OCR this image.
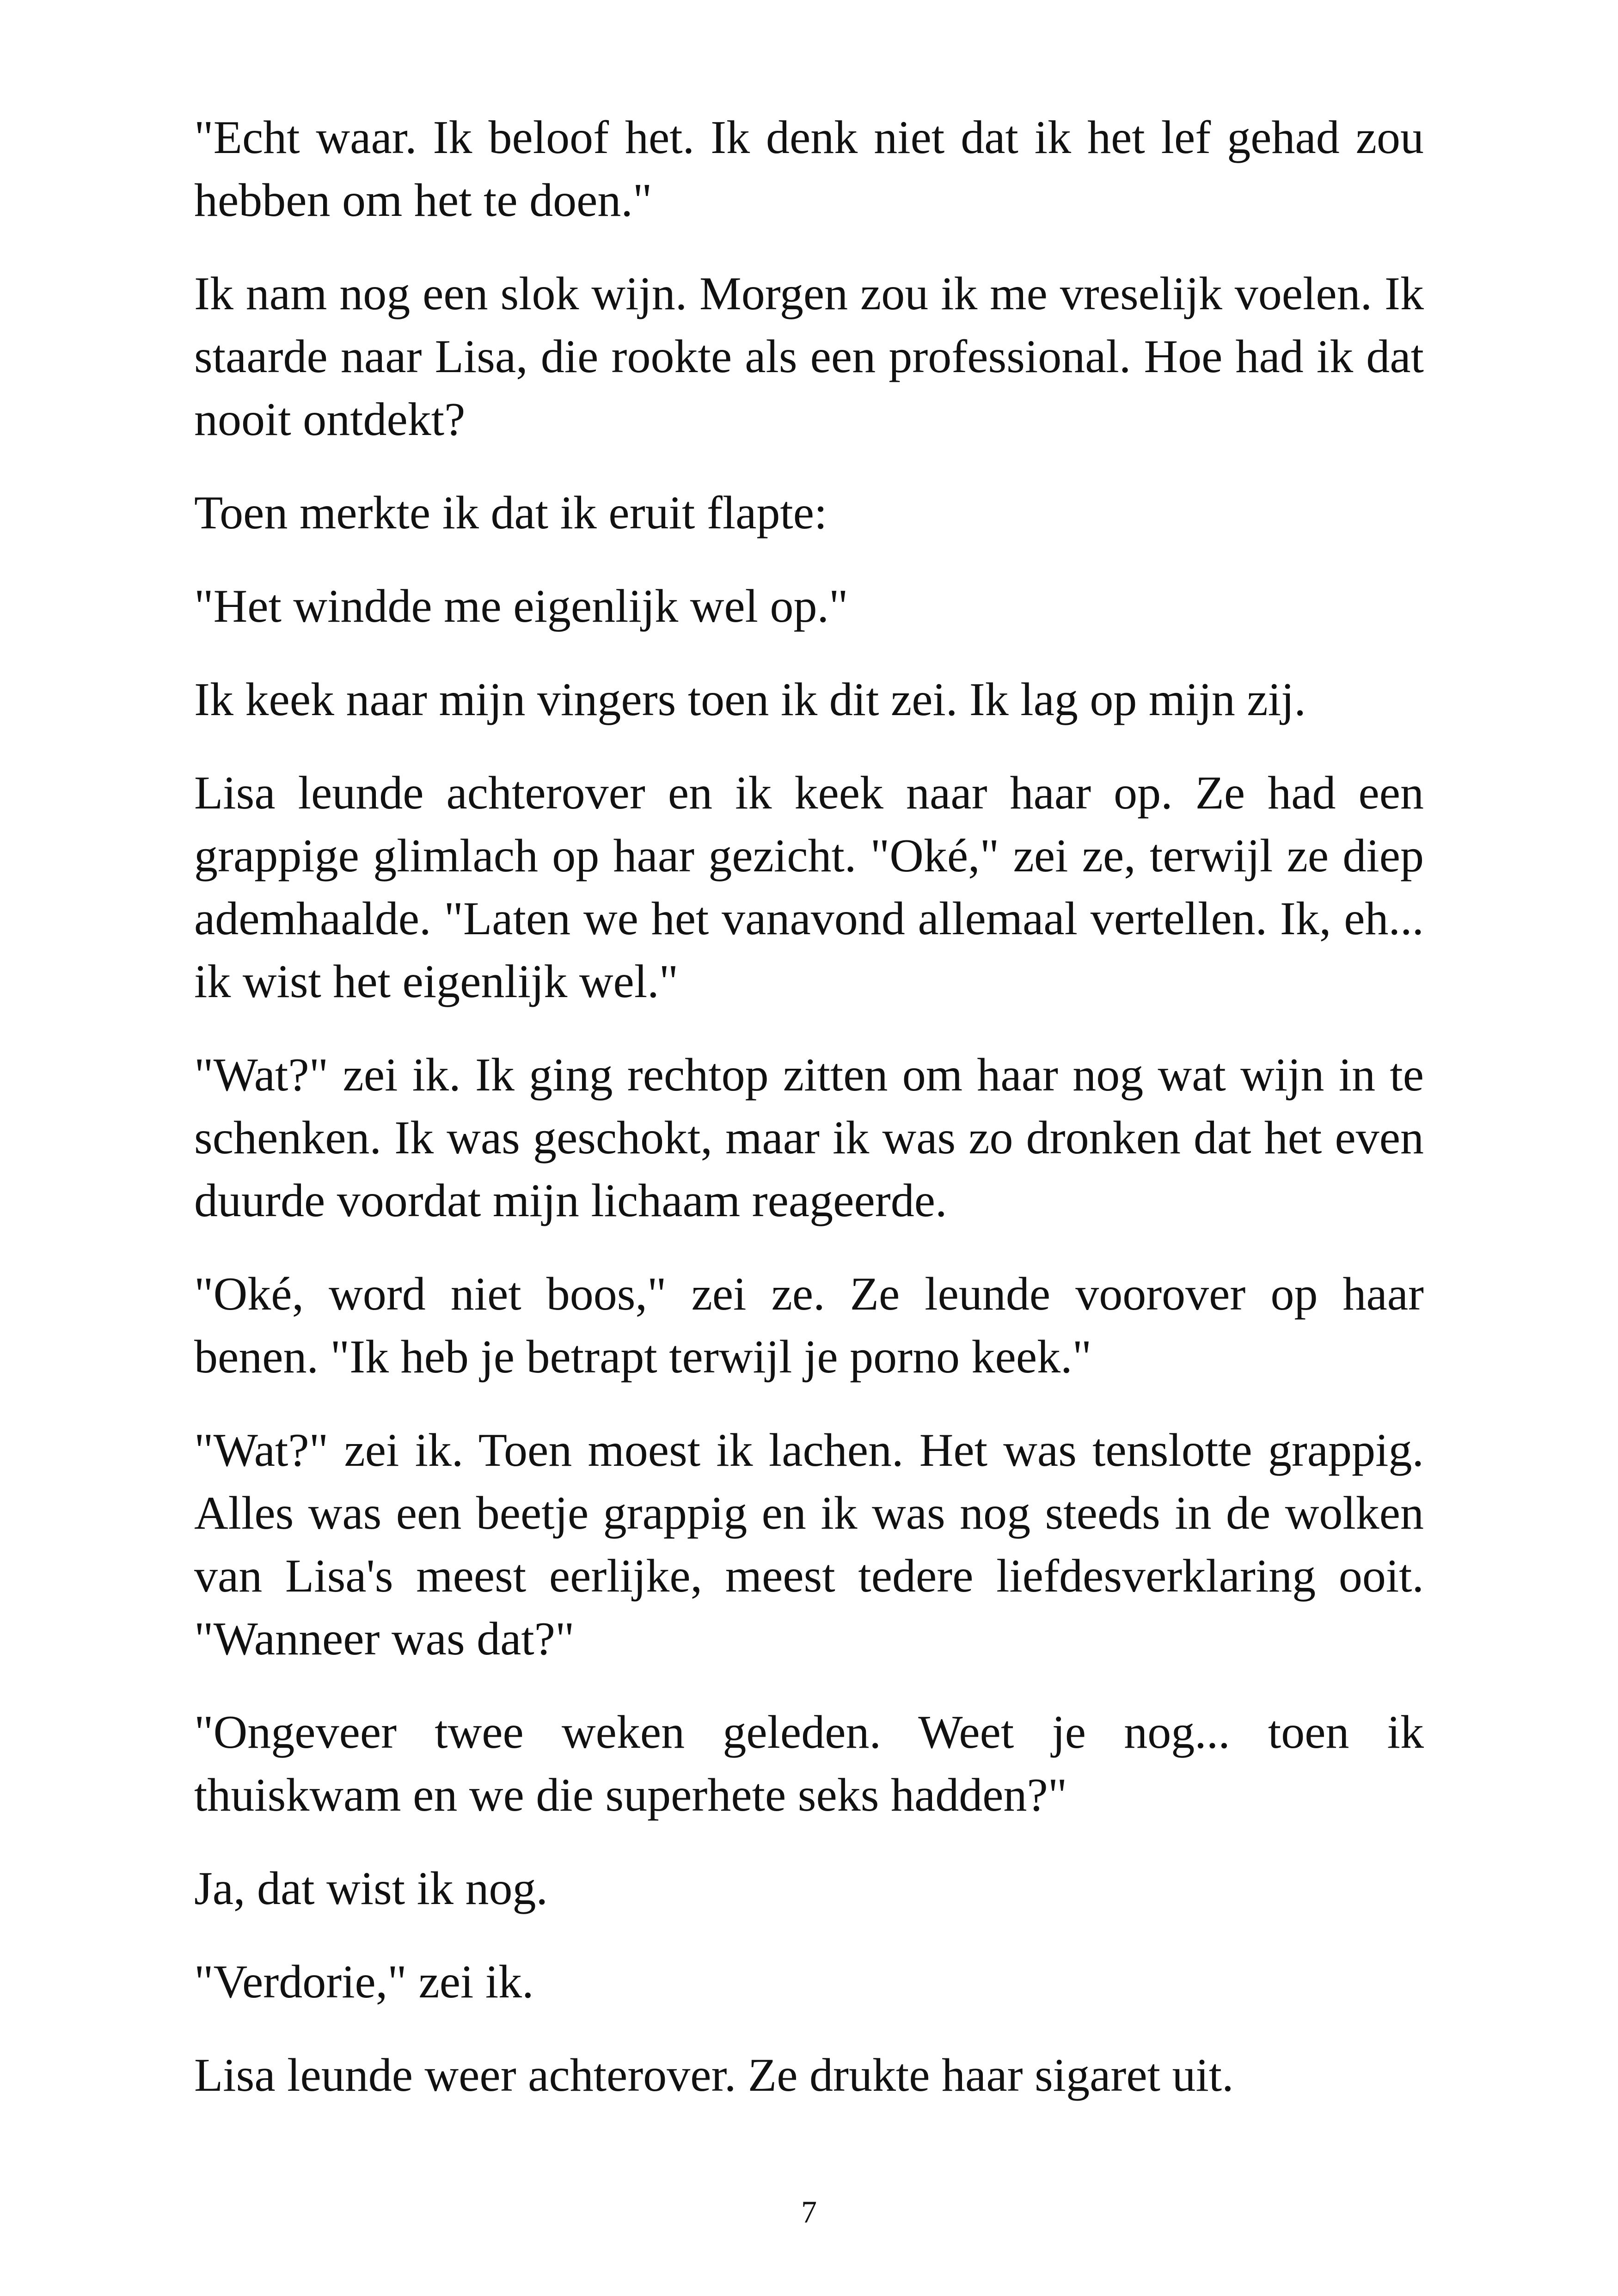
"Echt waar. Ik beloof het. Ik denk niet dat ik het lef gehad zou hebben om het te doen."

Ik nam nog een slok wijn. Morgen zou ik me vreselijk voelen. Ik staarde naar Lisa, die rookte als een professional. Hoe had ik dat nooit ontdekt?

Toen merkte ik dat ik eruit flapte:

"Het windde me eigenlijk wel op."

Ik keek naar mijn vingers toen ik dit zei. Ik lag op mijn zij.

Lisa leunde achterover en ik keek naar haar op. Ze had een grappige glimlach op haar gezicht. "Oké," zei ze, terwijl ze diep ademhaalde. "Laten we het vanavond allemaal vertellen. Ik, eh... ik wist het eigenlijk wel."

"Wat?" zei ik. Ik ging rechtop zitten om haar nog wat wijn in te schenken. Ik was geschokt, maar ik was zo dronken dat het even duurde voordat mijn lichaam reageerde.

"Oké, word niet boos," zei ze. Ze leunde voorover op haar benen. "Ik heb je betrapt terwijl je porno keek."

"Wat?" zei ik. Toen moest ik lachen. Het was tenslotte grappig. Alles was een beetje grappig en ik was nog steeds in de wolken van Lisa's meest eerlijke, meest tedere liefdesverklaring ooit. "Wanneer was dat?"

"Ongeveer twee weken geleden. Weet je nog... toen ik thuiskwam en we die superhete seks hadden?"

Ja, dat wist ik nog.

"Verdorie," zei ik.

Lisa leunde weer achterover. Ze drukte haar sigaret uit.

7
